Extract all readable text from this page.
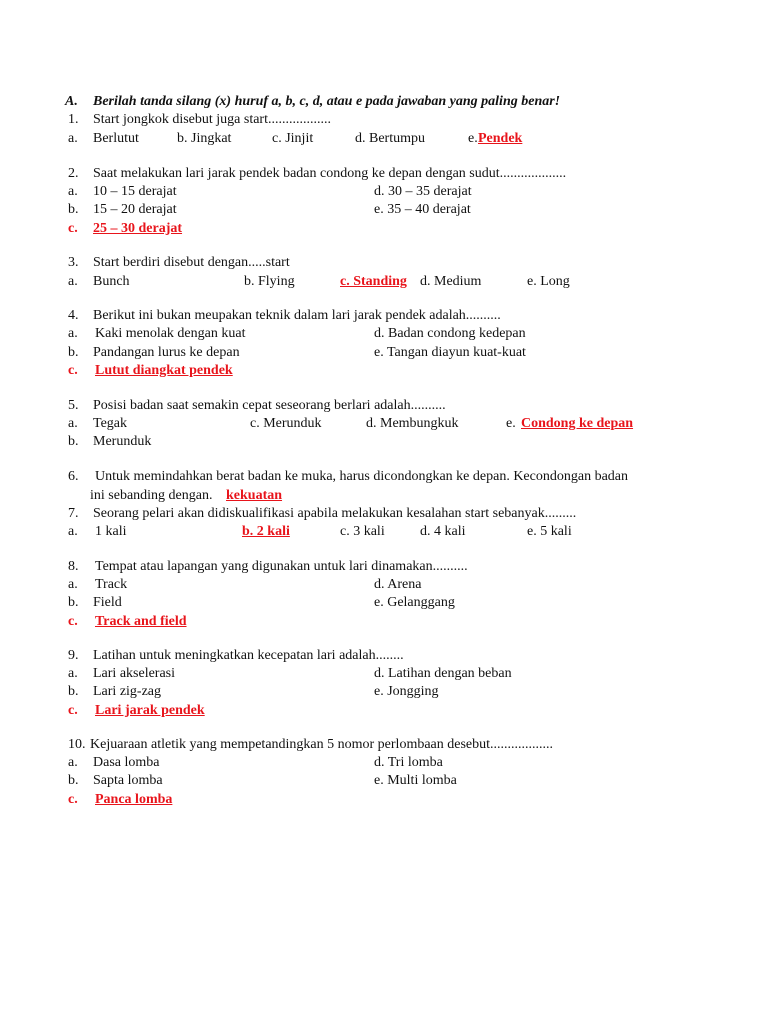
A. Berilah tanda silang (x) huruf a, b, c, d, atau e pada jawaban yang paling benar!
1. Start jongkok disebut juga start..................
a. Berlutut	b. Jingkat	c. Jinjit	d. Bertumpu	e. Pendek
2. Saat melakukan lari jarak pendek badan condong ke depan dengan sudut...................
a. 10 – 15 derajat	d. 30 – 35 derajat
b. 15 – 20 derajat	e. 35 – 40 derajat
c. 25 – 30 derajat
3. Start berdiri disebut dengan.....start
a. Bunch	b. Flying	c. Standing d. Medium	e. Long
4. Berikut ini bukan meupakan teknik dalam lari jarak pendek adalah..........
a. Kaki menolak dengan kuat	d. Badan condong kedepan
b. Pandangan lurus ke depan	e. Tangan diayun kuat-kuat
c. Lutut diangkat pendek
5. Posisi badan saat semakin cepat seseorang berlari adalah..........
a. Tegak	c. Merunduk	d. Membungkuk	e. Condong ke depan
b. Merunduk
6. Untuk memindahkan berat badan ke muka, harus dicondongkan ke depan. Kecondongan badan
ini sebanding dengan. kekuatan
7. Seorang pelari akan didiskualifikasi apabila melakukan kesalahan start sebanyak.........
a. 1 kali	b. 2 kali	c. 3 kali	d. 4 kali	e. 5 kali
8. Tempat atau lapangan yang digunakan untuk lari dinamakan..........
a. Track	d. Arena
b. Field	e. Gelanggang
c. Track and field
9. Latihan untuk meningkatkan kecepatan lari adalah........
a. Lari akselerasi	d. Latihan dengan beban
b. Lari zig-zag	e. Jongging
c. Lari jarak pendek
10. Kejuaraan atletik yang mempetandingkan 5 nomor perlombaan desebut..................
a. Dasa lomba	d. Tri lomba
b. Sapta lomba	e. Multi lomba
c. Panca lomba
